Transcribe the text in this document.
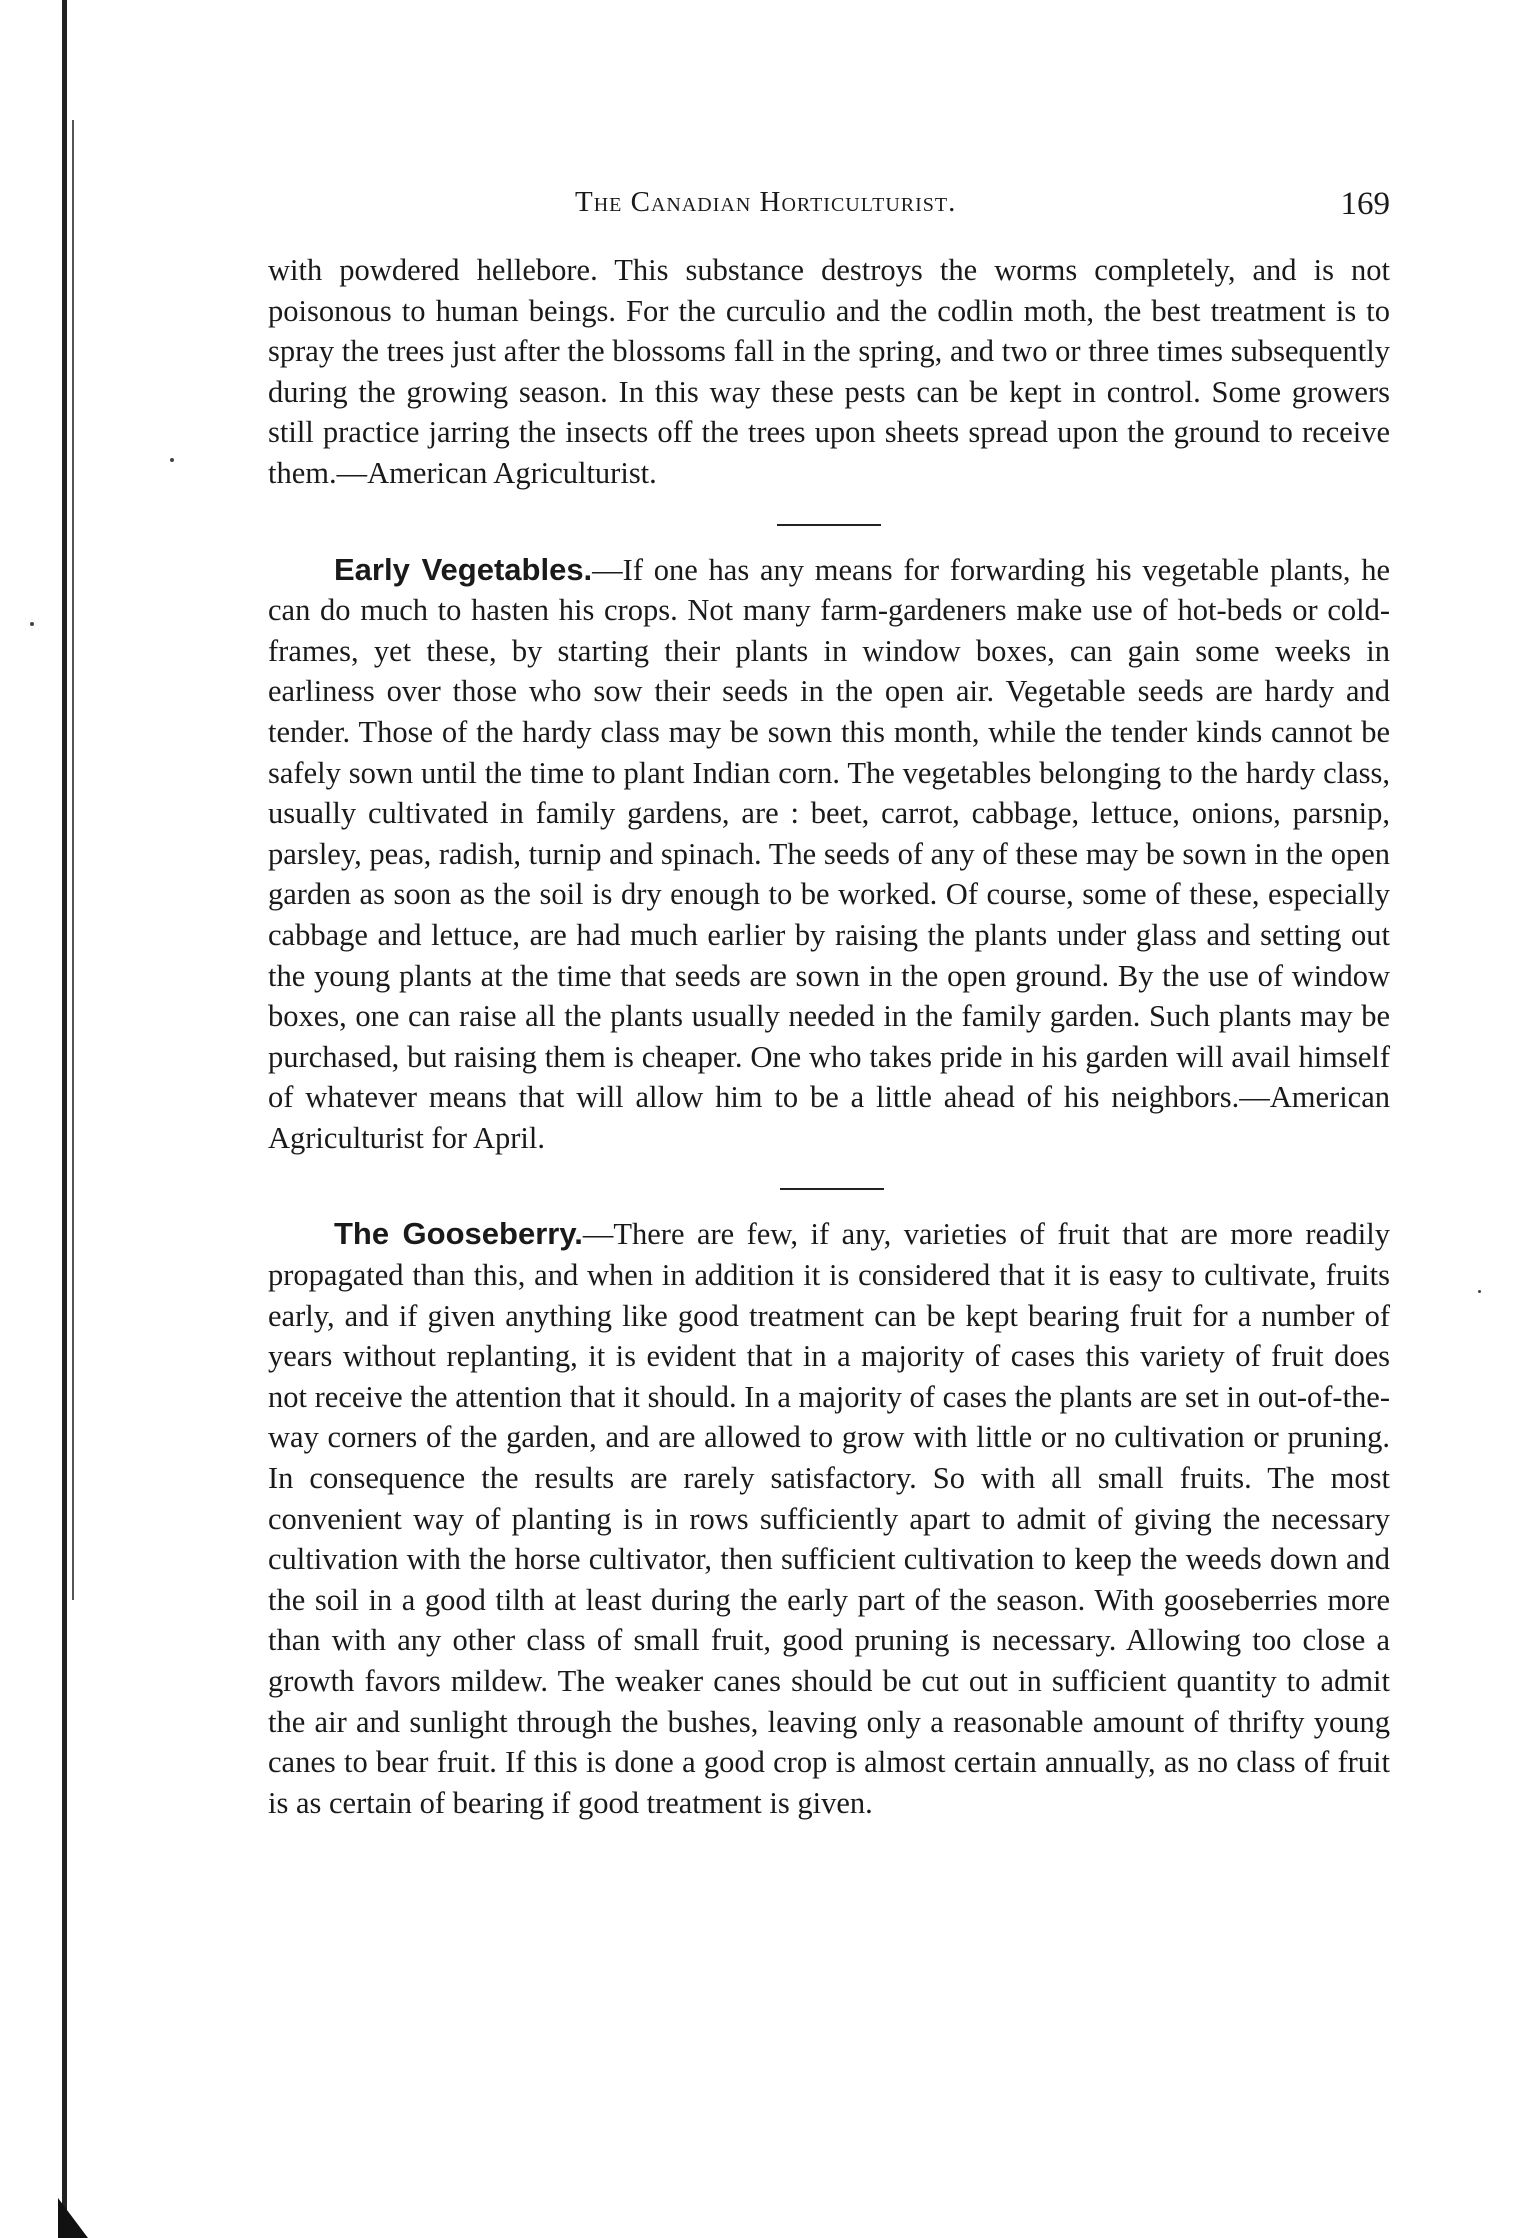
The Canadian Horticulturist.	169

with powdered hellebore. This substance destroys the worms completely, and is not poisonous to human beings. For the curculio and the codlin moth, the best treatment is to spray the trees just after the blossoms fall in the spring, and two or three times subsequently during the growing season. In this way these pests can be kept in control. Some growers still practice jarring the insects off the trees upon sheets spread upon the ground to receive them.—American Agriculturist.

Early Vegetables.—If one has any means for forwarding his vegetable plants, he can do much to hasten his crops. Not many farm-gardeners make use of hot-beds or cold-frames, yet these, by starting their plants in window boxes, can gain some weeks in earliness over those who sow their seeds in the open air. Vegetable seeds are hardy and tender. Those of the hardy class may be sown this month, while the tender kinds cannot be safely sown until the time to plant Indian corn. The vegetables belonging to the hardy class, usually cultivated in family gardens, are : beet, carrot, cabbage, lettuce, onions, parsnip, parsley, peas, radish, turnip and spinach. The seeds of any of these may be sown in the open garden as soon as the soil is dry enough to be worked. Of course, some of these, especially cabbage and lettuce, are had much earlier by raising the plants under glass and setting out the young plants at the time that seeds are sown in the open ground. By the use of window boxes, one can raise all the plants usually needed in the family garden. Such plants may be purchased, but raising them is cheaper. One who takes pride in his garden will avail himself of whatever means that will allow him to be a little ahead of his neighbors.—American Agriculturist for April.

The Gooseberry.—There are few, if any, varieties of fruit that are more readily propagated than this, and when in addition it is considered that it is easy to cultivate, fruits early, and if given anything like good treatment can be kept bearing fruit for a number of years without replanting, it is evident that in a majority of cases this variety of fruit does not receive the attention that it should. In a majority of cases the plants are set in out-of-the-way corners of the garden, and are allowed to grow with little or no cultivation or pruning. In consequence the results are rarely satisfactory. So with all small fruits. The most convenient way of planting is in rows sufficiently apart to admit of giving the necessary cultivation with the horse cultivator, then sufficient cultivation to keep the weeds down and the soil in a good tilth at least during the early part of the season. With gooseberries more than with any other class of small fruit, good pruning is necessary. Allowing too close a growth favors mildew. The weaker canes should be cut out in sufficient quantity to admit the air and sunlight through the bushes, leaving only a reasonable amount of thrifty young canes to bear fruit. If this is done a good crop is almost certain annually, as no class of fruit is as certain of bearing if good treatment is given.
